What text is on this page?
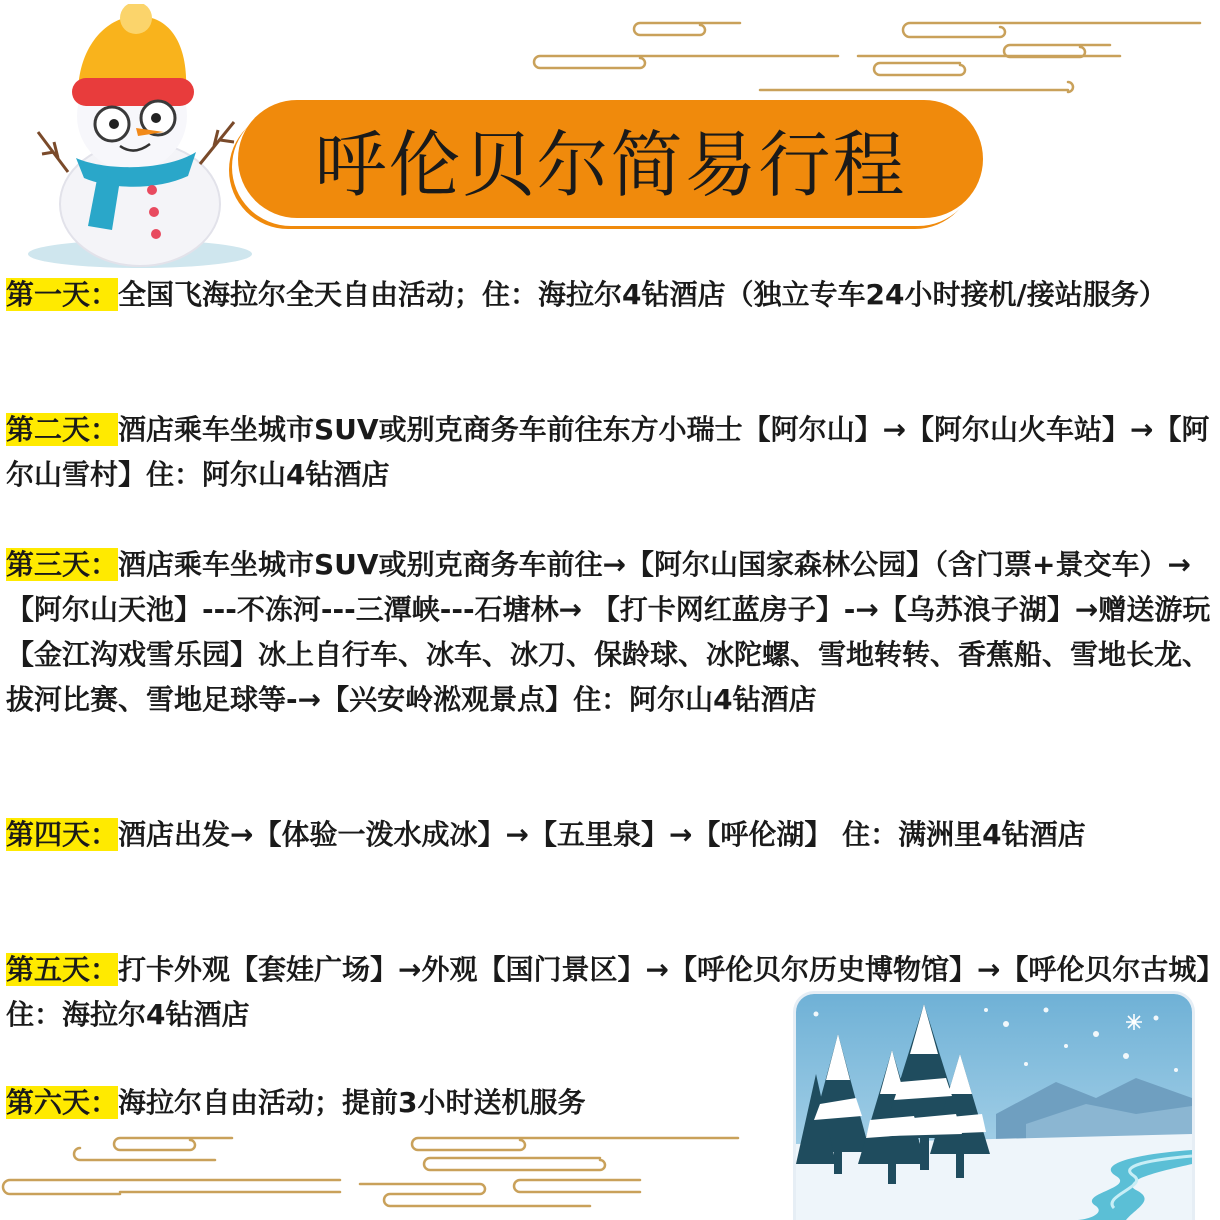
呼伦贝尔简易行程

第一天：全国飞海拉尔全天自由活动；住：海拉尔4钻酒店（独立专车24小时接机/接站服务）

第二天：酒店乘车坐城市SUV或别克商务车前往东方小瑞士【阿尔山】→【阿尔山火车站】→【阿尔山雪村】住：阿尔山4钻酒店

第三天：酒店乘车坐城市SUV或别克商务车前往→【阿尔山国家森林公园】（含门票+景交车）→【阿尔山天池】---不冻河---三潭峡---石塘林→ 【打卡网红蓝房子】-→【乌苏浪子湖】→赠送游玩【金江沟戏雪乐园】冰上自行车、冰车、冰刀、保龄球、冰陀螺、雪地转转、香蕉船、雪地长龙、拔河比赛、雪地足球等-→【兴安岭淞观景点】住：阿尔山4钻酒店

第四天：酒店出发→【体验一泼水成冰】→【五里泉】→【呼伦湖】 住：满洲里4钻酒店

第五天：打卡外观【套娃广场】→外观【国门景区】→【呼伦贝尔历史博物馆】→【呼伦贝尔古城】住：海拉尔4钻酒店

第六天：海拉尔自由活动；提前3小时送机服务
